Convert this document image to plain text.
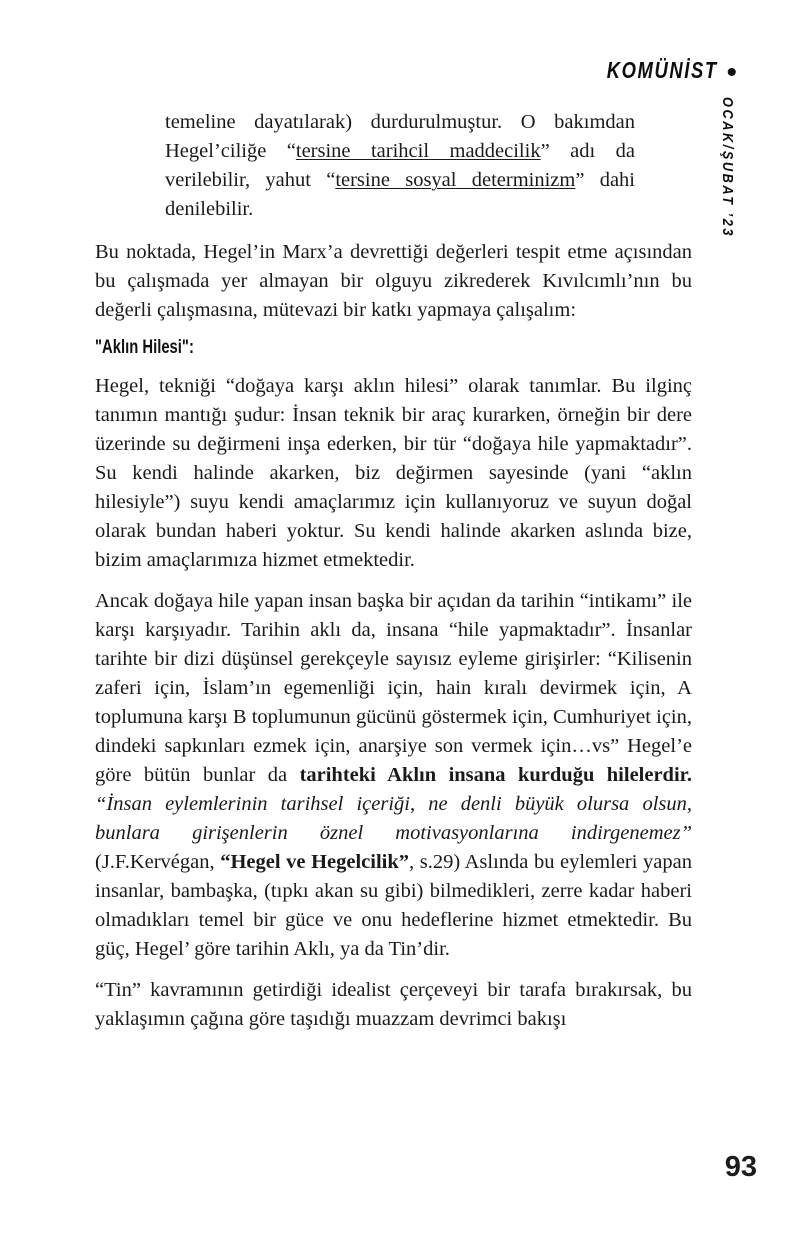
KOMÜNİST •
OCAK/ŞUBAT ’23
temeline dayatılarak) durdurulmuştur. O bakımdan Hegel’ciliğe “tersine tarihcil maddecilik” adı da verilebilir, yahut “tersine sosyal determinizm” dahi denilebilir.

Bu noktada, Hegel’in Marx’a devrettiği değerleri tespit etme açısından bu çalışmada yer almayan bir olguyu zikrederek Kıvılcımlı’nın bu değerli çalışmasına, mütevazi bir katkı yapmaya çalışalım:

"Aklın Hilesi":

Hegel, tekniği “doğaya karşı aklın hilesi” olarak tanımlar. Bu ilginç tanımın mantığı şudur: İnsan teknik bir araç kurarken, örneğin bir dere üzerinde su değirmeni inşa ederken, bir tür “doğaya hile yapmaktadır”. Su kendi halinde akarken, biz değirmen sayesinde (yani “aklın hilesiyle”) suyu kendi amaçlarımız için kullanıyoruz ve suyun doğal olarak bundan haberi yoktur. Su kendi halinde akarken aslında bize, bizim amaçlarımıza hizmet etmektedir.

Ancak doğaya hile yapan insan başka bir açıdan da tarihin “intikamı” ile karşı karşıyadır. Tarihin aklı da, insana “hile yapmaktadır”. İnsanlar tarihte bir dizi düşünsel gerekçeyle sayısız eyleme girişirler: “Kilisenin zaferi için, İslam’ın egemenliği için, hain kıralı devirmek için, A toplumuna karşı B toplumunun gücünü göstermek için, Cumhuriyet için, dindeki sapkınları ezmek için, anarşiye son vermek için…vs” Hegel’e göre bütün bunlar da tarihteki Aklın insana kurduğu hilelerdir. “İnsan eylemlerinin tarihsel içeriği, ne denli büyük olursa olsun, bunlara girişenlerin öznel motivasyonlarına indirgenemez” (J.F.Kervégan, “Hegel ve Hegelcilik”, s.29) Aslında bu eylemleri yapan insanlar, bambaşka, (tıpkı akan su gibi) bilmedikleri, zerre kadar haberi olmadıkları temel bir güce ve onu hedeflerine hizmet etmektedir. Bu güç, Hegel’ göre tarihin Aklı, ya da Tin’dir.

“Tin” kavramının getirdiği idealist çerçeveyi bir tarafa bırakırsak, bu yaklaşımın çağına göre taşıdığı muazzam devrimci bakışı

93
